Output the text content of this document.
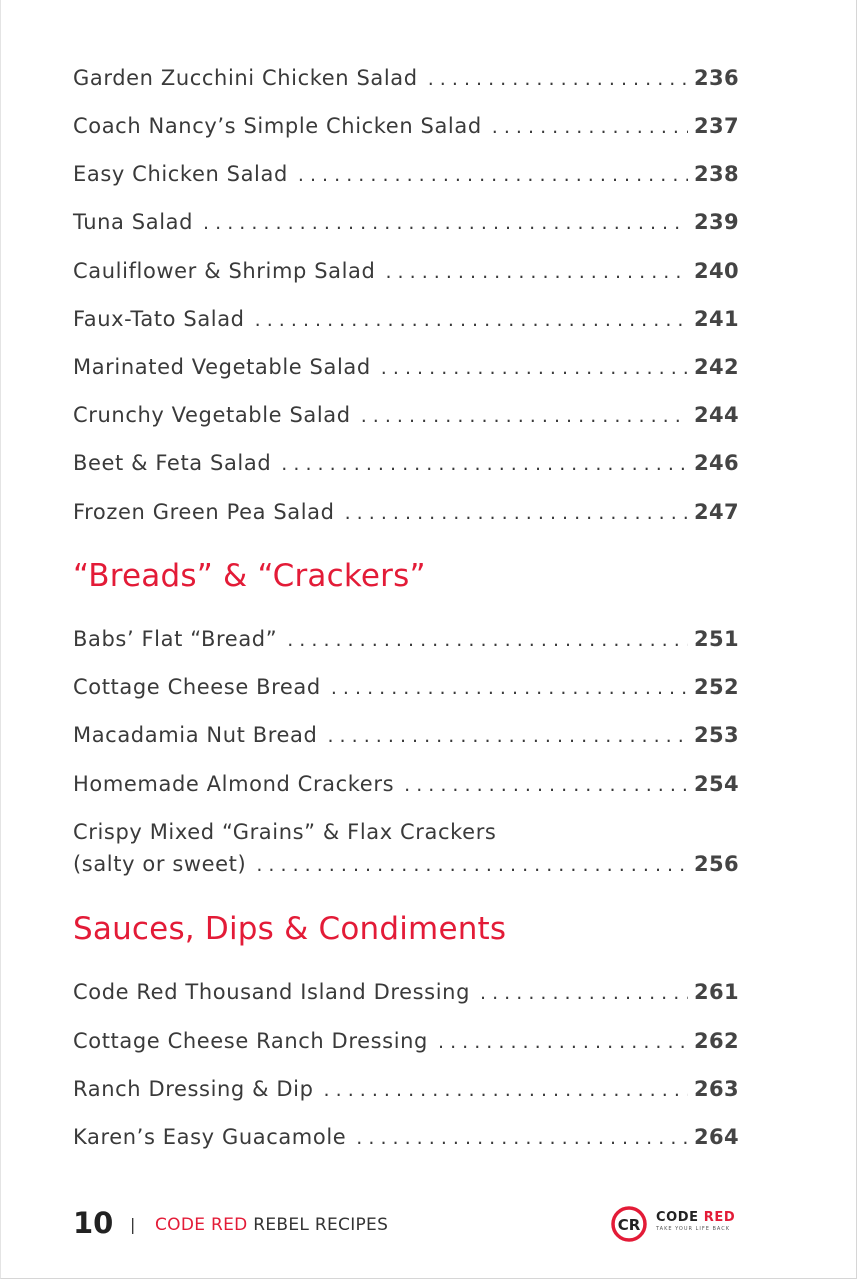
Garden Zucchini Chicken Salad . . .	236
Coach Nancy’s Simple Chicken Salad . . .	237
Easy Chicken Salad . . .	238
Tuna Salad . . .	239
Cauliflower & Shrimp Salad . . .	240
Faux-Tato Salad . . .	241
Marinated Vegetable Salad . . .	242
Crunchy Vegetable Salad . . .	244
Beet & Feta Salad . . .	246
Frozen Green Pea Salad . . .	247
“Breads” & “Crackers”
Babs’ Flat “Bread” . . .	251
Cottage Cheese Bread . . .	252
Macadamia Nut Bread . . .	253
Homemade Almond Crackers . . .	254
Crispy Mixed “Grains” & Flax Crackers
(salty or sweet) . . .	256
Sauces, Dips & Condiments
Code Red Thousand Island Dressing . . .	261
Cottage Cheese Ranch Dressing . . .	262
Ranch Dressing & Dip . . .	263
Karen’s Easy Guacamole . . .	264
10 | CODE RED REBEL RECIPES	CR CODE RED
TAKE YOUR LIFE BACK
